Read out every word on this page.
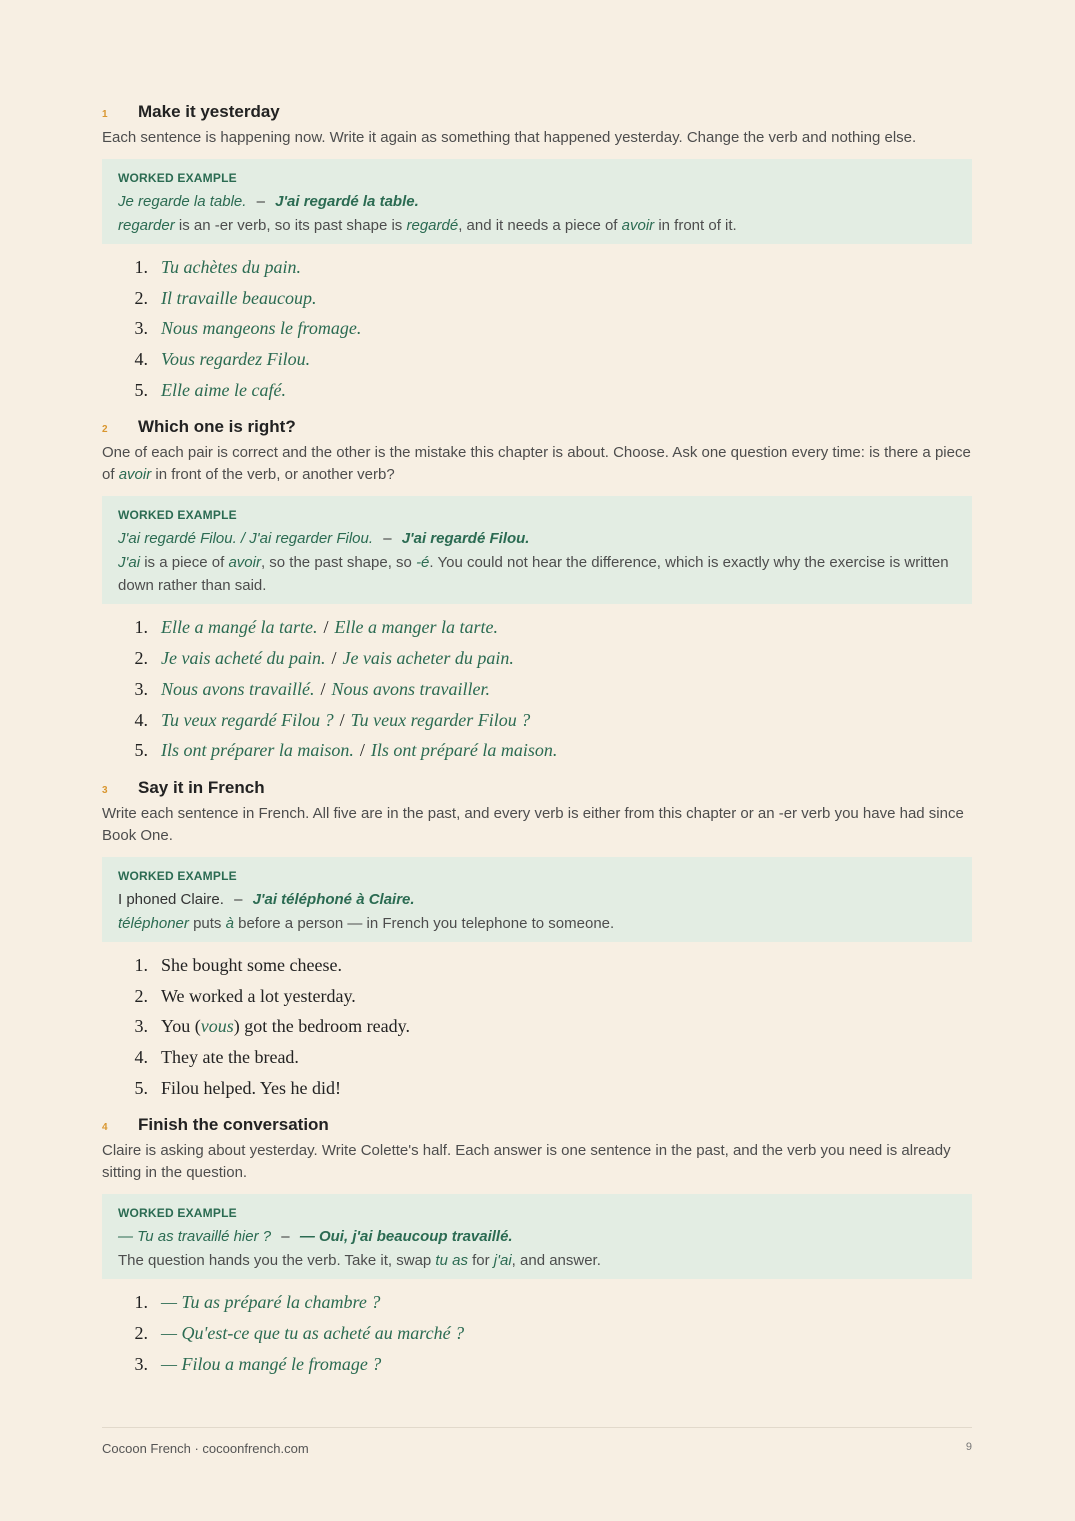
1	Make it yesterday
Each sentence is happening now. Write it again as something that happened yesterday. Change the verb and nothing else.
WORKED EXAMPLE
Je regarde la table. – J'ai regardé la table.
regarder is an -er verb, so its past shape is regardé, and it needs a piece of avoir in front of it.
1. Tu achètes du pain.
2. Il travaille beaucoup.
3. Nous mangeons le fromage.
4. Vous regardez Filou.
5. Elle aime le café.
2	Which one is right?
One of each pair is correct and the other is the mistake this chapter is about. Choose. Ask one question every time: is there a piece of avoir in front of the verb, or another verb?
WORKED EXAMPLE
J'ai regardé Filou. / J'ai regarder Filou. – J'ai regardé Filou.
J'ai is a piece of avoir, so the past shape, so -é. You could not hear the difference, which is exactly why the exercise is written down rather than said.
1. Elle a mangé la tarte. / Elle a manger la tarte.
2. Je vais acheté du pain. / Je vais acheter du pain.
3. Nous avons travaillé. / Nous avons travailler.
4. Tu veux regardé Filou ? / Tu veux regarder Filou ?
5. Ils ont préparer la maison. / Ils ont préparé la maison.
3	Say it in French
Write each sentence in French. All five are in the past, and every verb is either from this chapter or an -er verb you have had since Book One.
WORKED EXAMPLE
I phoned Claire. – J'ai téléphoné à Claire.
téléphoner puts à before a person — in French you telephone to someone.
1. She bought some cheese.
2. We worked a lot yesterday.
3. You (vous) got the bedroom ready.
4. They ate the bread.
5. Filou helped. Yes he did!
4	Finish the conversation
Claire is asking about yesterday. Write Colette's half. Each answer is one sentence in the past, and the verb you need is already sitting in the question.
WORKED EXAMPLE
— Tu as travaillé hier ? – — Oui, j'ai beaucoup travaillé.
The question hands you the verb. Take it, swap tu as for j'ai, and answer.
1. — Tu as préparé la chambre ?
2. — Qu'est-ce que tu as acheté au marché ?
3. — Filou a mangé le fromage ?
Cocoon French · cocoonfrench.com	9
